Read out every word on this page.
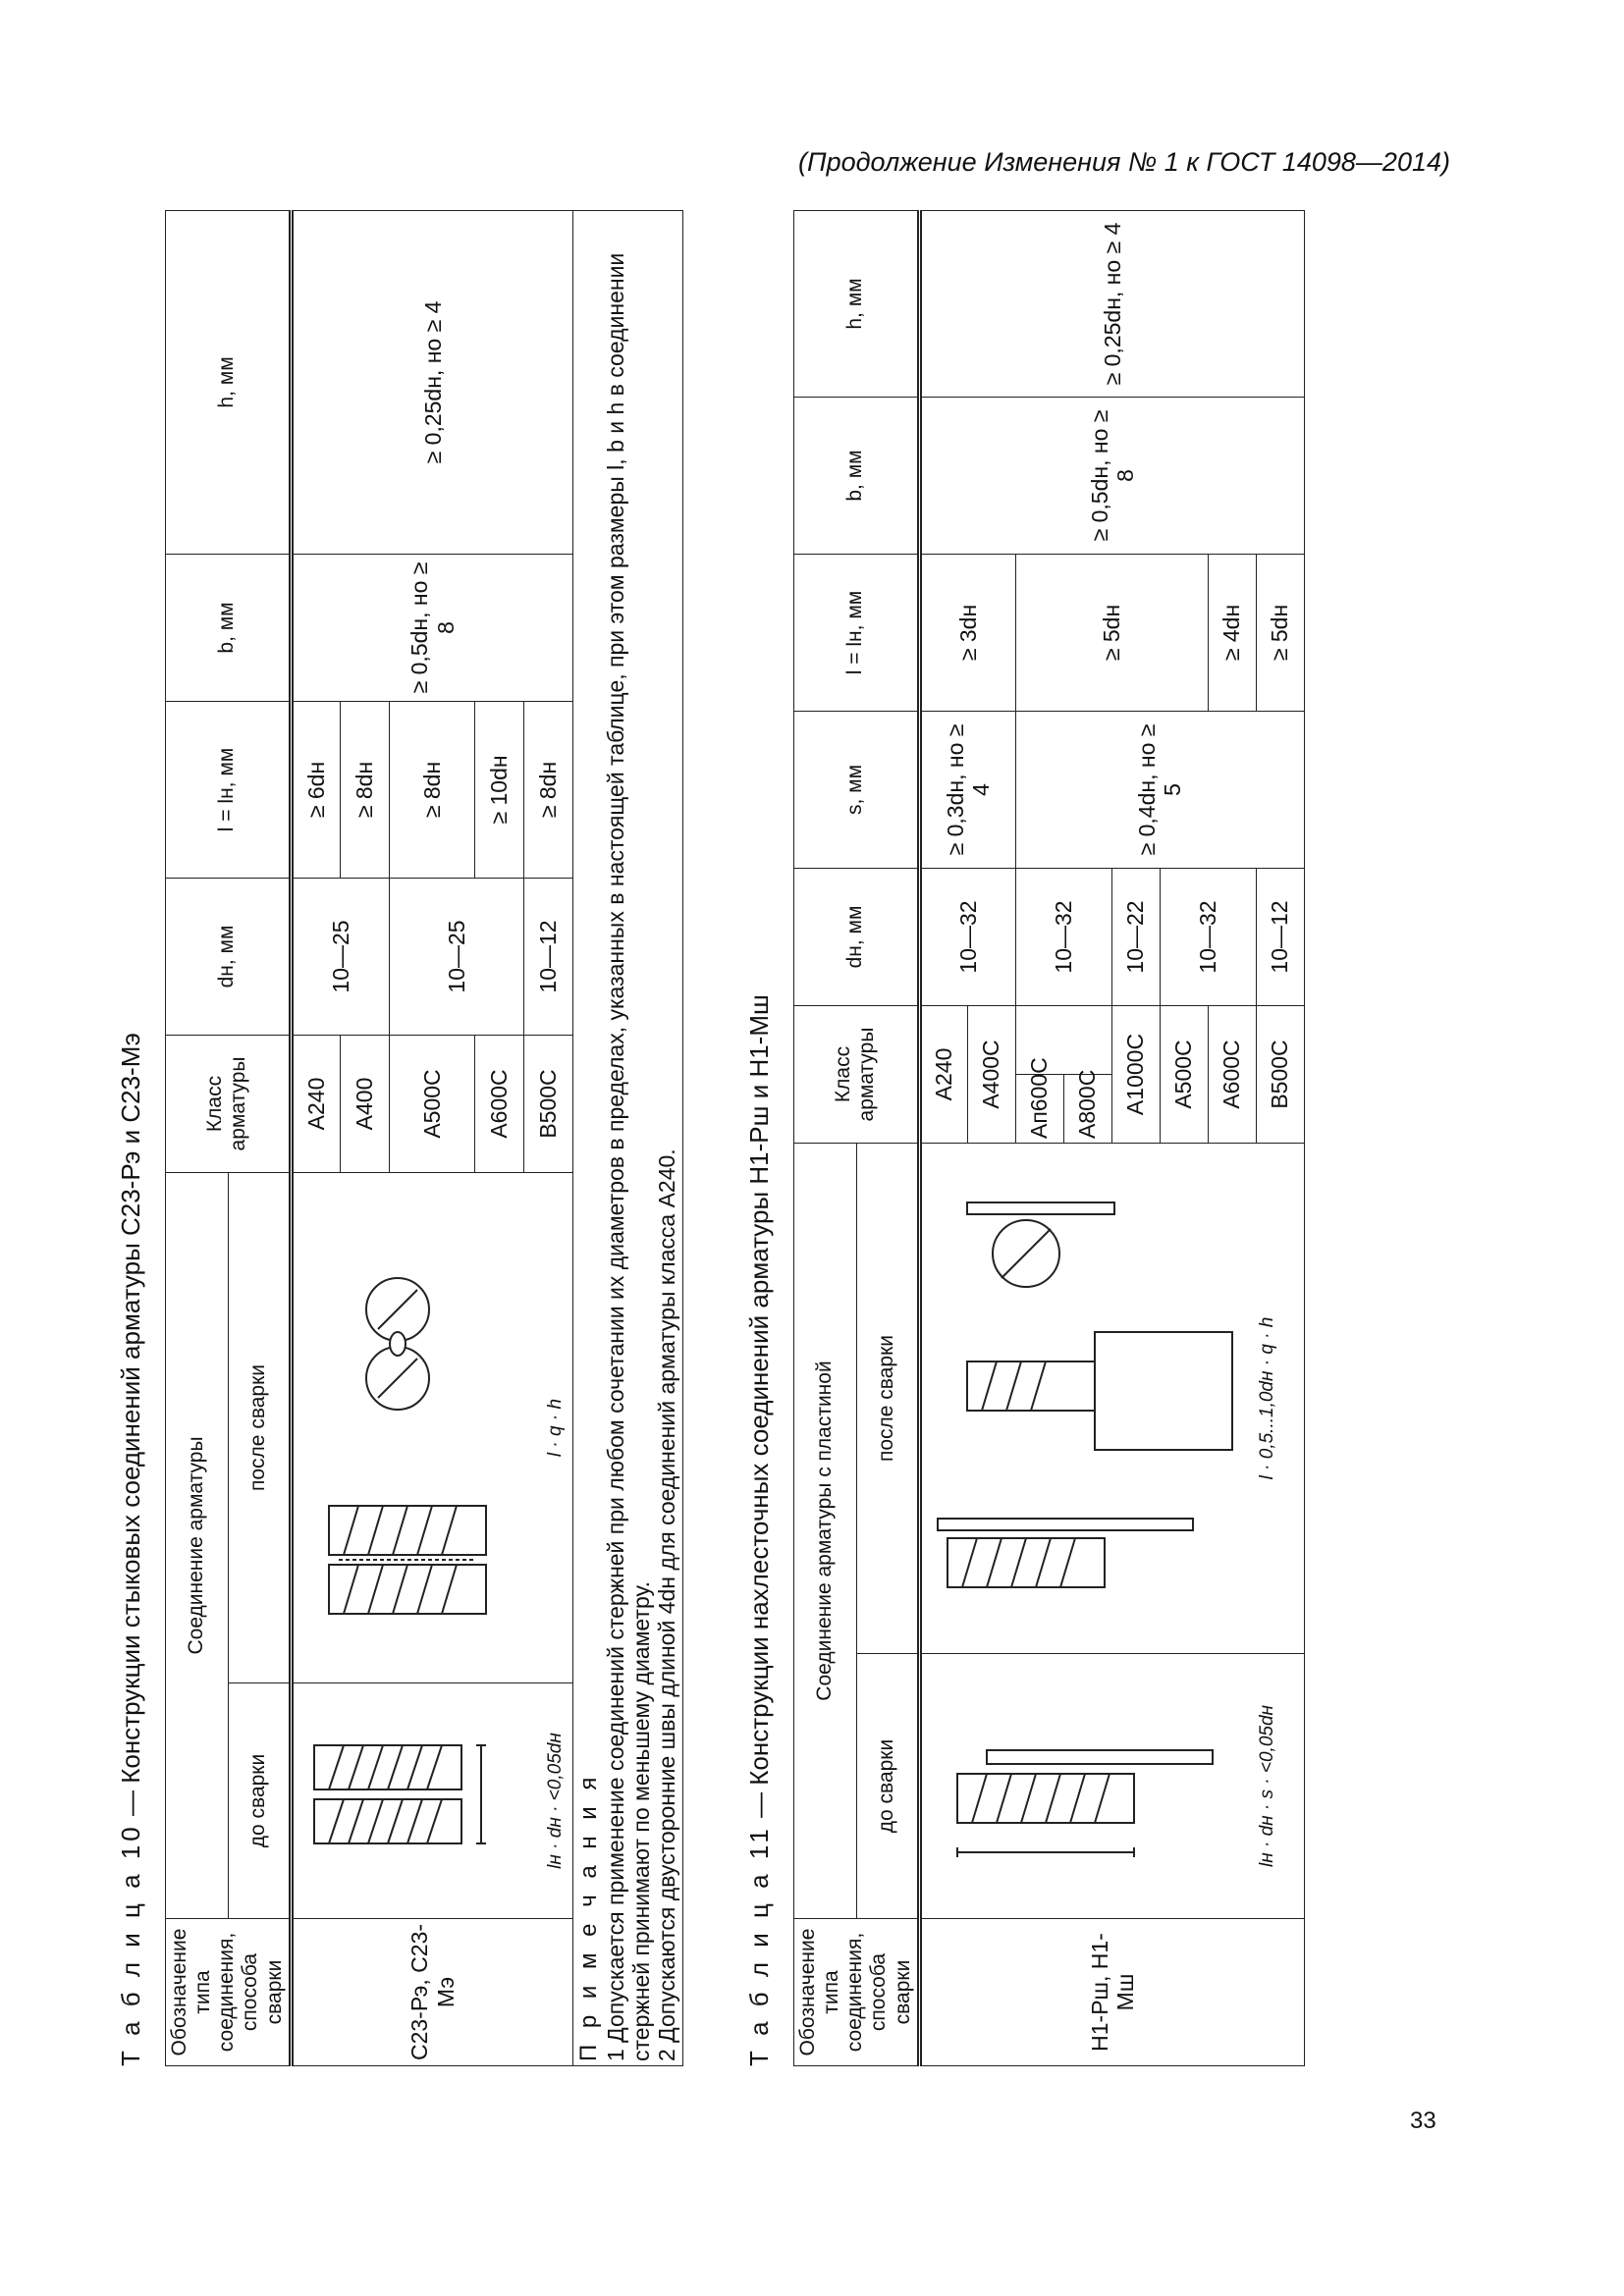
(Продолжение Изменения № 1 к ГОСТ 14098—2014)
Т а б л и ц а 10 — Конструкции стыковых соединений арматуры С23-Рэ и С23-Мэ
Обозначение типа соединения, способа сварки	Соединение арматуры		Класс арматуры	dн, мм	l = lн, мм	b, мм	h, мм
	до сварки	после сварки					
С23-Рэ, С23-Мэ	lн · dн · <0,05dн	l · q · h	А240	10—25	≥ 6dн	≥ 0,5dн, но ≥ 8	≥ 0,25dн, но ≥ 4
			А400		≥ 8dн		
			А500С	10—25	≥ 8dн		
			А600С		≥ 10dн		
			В500С	10—12	≥ 8dн		

П р и м е ч а н и я 1 Допускается применение соединений стержней при любом сочетании их диаметров в пределах, указанных в настоящей таблице, при этом размеры l, b и h в соединении стержней принимают по меньшему диаметру. 2 Допускаются двусторонние швы длиной 4dн для соединений арматуры класса А240.								Т а б л и ц а 11 — Конструкции нахлесточных соединений арматуры Н1-Рш и Н1-Мш
Обозначение типа соединения, способа сварки	Соединение арматуры с пластиной		Класс арматуры		dн, мм	s, мм	l = lн, мм	b, мм	h, мм
	до сварки	после сварки							
Н1-Рш, Н1-Мш	lн · dн · s · <0,05dн	l · 0,5...1,0dн · q · h	А240		10—32	≥ 0,3dн, но ≥ 4	≥ 3dн	≥ 0,5dн, но ≥ 8	≥ 0,25dн, но ≥ 4
			А400С						
			Ап600С		10—32	≥ 0,4dн, но ≥ 5	≥ 5dн		
			А800С						
			А1000С		10—22				
			А500С		10—32				
			А600С				≥ 4dн		
			В500С		10—12		≥ 5dн		
33
